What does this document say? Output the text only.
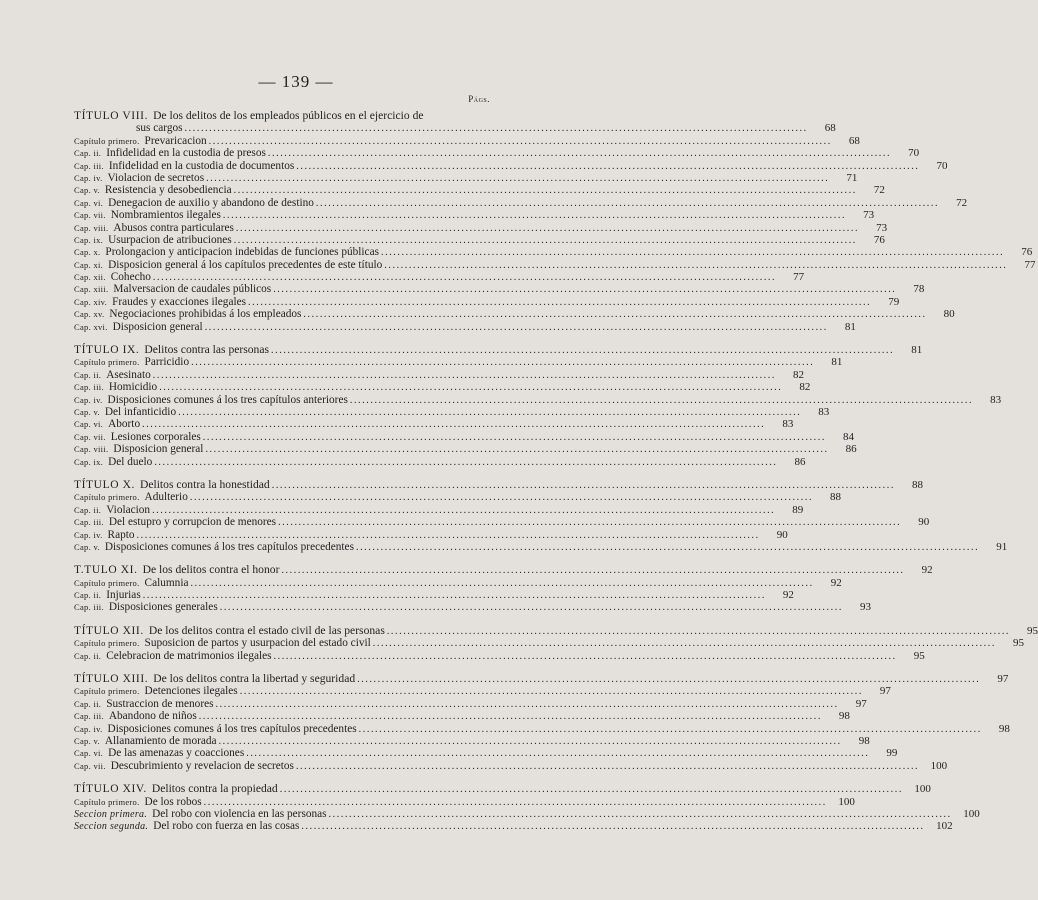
— 139 —
Págs.
TÍTULO VIII. De los delitos de los empleados públicos en el ejercicio de
sus cargos .....	68
Capítulo primero. Prevaricacion .....	68
Cap. ii. Infidelidad en la custodia de presos .....	70
Cap. iii. Infidelidad en la custodia de documentos .....	70
Cap. iv. Violacion de secretos .....	71
Cap. v. Resistencia y desobediencia .....	72
Cap. vi. Denegacion de auxilio y abandono de destino .....	72
Cap. vii. Nombramientos ilegales .....	73
Cap. viii. Abusos contra particulares .....	73
Cap. ix. Usurpacion de atribuciones .....	76
Cap. x. Prolongacion y anticipacion indebidas de funciones públicas .....	76
Cap. xi. Disposicion general á los capítulos precedentes de este título .....	77
Cap. xii. Cohecho .....	77
Cap. xiii. Malversacion de caudales públicos .....	78
Cap. xiv. Fraudes y exacciones ilegales .....	79
Cap. xv. Negociaciones prohibidas á los empleados .....	80
Cap. xvi. Disposicion general .....	81
TÍTULO IX. Delitos contra las personas .....	81
Capítulo primero. Parricidio .....	81
Cap. ii. Asesinato .....	82
Cap. iii. Homicidio .....	82
Cap. iv. Disposiciones comunes á los tres capítulos anteriores .....	83
Cap. v. Del infanticidio .....	83
Cap. vi. Aborto .....	83
Cap. vii. Lesiones corporales .....	84
Cap. viii. Disposicion general .....	86
Cap. ix. Del duelo .....	86
TÍTULO X. Delitos contra la honestidad .....	88
Capítulo primero. Adulterio .....	88
Cap. ii. Violacion .....	89
Cap. iii. Del estupro y corrupcion de menores .....	90
Cap. iv. Rapto .....	90
Cap. v. Disposiciones comunes á los tres capítulos precedentes .....	91
T.TULO XI. De los delitos contra el honor .....	92
Capítulo primero. Calumnia .....	92
Cap. ii. Injurias .....	92
Cap. iii. Disposiciones generales .....	93
TÍTULO XII. De los delitos contra el estado civil de las personas .....	95
Capítulo primero. Suposicion de partos y usurpacion del estado civil .....	95
Cap. ii. Celebracion de matrimonios ilegales .....	95
TÍTULO XIII. De los delitos contra la libertad y seguridad .....	97
Capítulo primero. Detenciones ilegales .....	97
Cap. ii. Sustraccion de menores .....	97
Cap. iii. Abandono de niños .....	98
Cap. iv. Disposiciones comunes á los tres capítulos precedentes .....	98
Cap. v. Allanamiento de morada .....	98
Cap. vi. De las amenazas y coacciones .....	99
Cap. vii. Descubrimiento y revelacion de secretos .....	100
TÍTULO XIV. Delitos contra la propiedad .....	100
Capítulo primero. De los robos .....	100
Seccion primera. Del robo con violencia en las personas .....	100
Seccion segunda. Del robo con fuerza en las cosas .....	102
